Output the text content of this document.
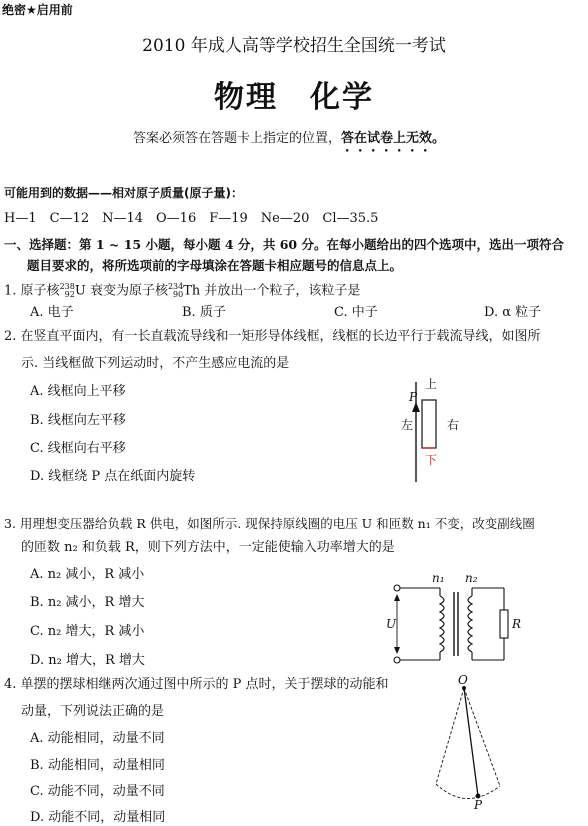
绝密★启用前
2010 年成人高等学校招生全国统一考试
物理　化学
答案必须答在答题卡上指定的位置，答在试卷上无效。
可能用到的数据——相对原子质量(原子量)：
H—1　C—12　N—14　O—16　F—19　Ne—20　Cl—35.5
一、选择题：第 1 ~ 15 小题，每小题 4 分，共 60 分。在每小题给出的四个选项中，选出一项符合
题目要求的，将所选项前的字母填涂在答题卡相应题号的信息点上。
1. 原子核238
92U 衰变为原子核234
90Th 并放出一个粒子，该粒子是
A. 电子	B. 质子	C. 中子	D. α 粒子
2. 在竖直平面内，有一长直载流导线和一矩形导体线框，线框的长边平行于载流导线，如图所
示. 当线框做下列运动时，不产生感应电流的是
A. 线框向上平移
B. 线框向左平移
C. 线框向右平移
D. 线框绕 P 点在纸面内旋转
P
上
左	右
下
3. 用理想变压器给负载 R 供电，如图所示. 现保持原线圈的电压 U 和匝数 n₁ 不变，改变副线圈
的匝数 n₂ 和负载 R，则下列方法中，一定能使输入功率增大的是
A. n₂ 减小，R 减小
B. n₂ 减小，R 增大
C. n₂ 增大，R 减小
D. n₂ 增大，R 增大
n₁ n₂
U	R
4. 单摆的摆球相继两次通过图中所示的 P 点时，关于摆球的动能和
动量，下列说法正确的是
A. 动能相同，动量不同
B. 动能相同，动量相同
C. 动能不同，动量不同
D. 动能不同，动量相同
O
P
